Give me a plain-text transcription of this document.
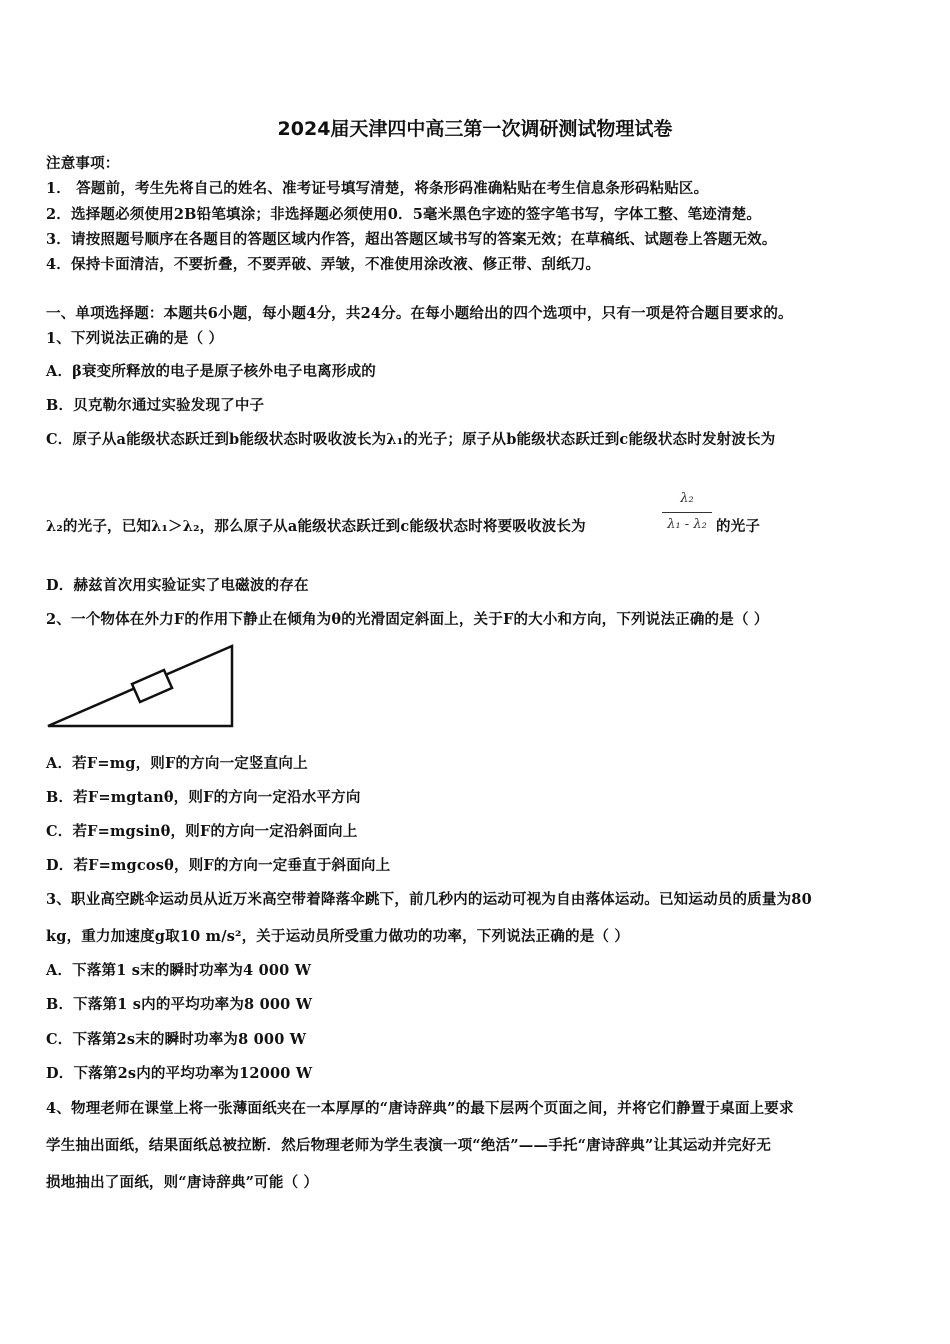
2024届天津四中高三第一次调研测试物理试卷
注意事项：
1． 答题前，考生先将自己的姓名、准考证号填写清楚，将条形码准确粘贴在考生信息条形码粘贴区。
2．选择题必须使用2B铅笔填涂；非选择题必须使用0．5毫米黑色字迹的签字笔书写，字体工整、笔迹清楚。
3．请按照题号顺序在各题目的答题区域内作答，超出答题区域书写的答案无效；在草稿纸、试题卷上答题无效。
4．保持卡面清洁，不要折叠，不要弄破、弄皱，不准使用涂改液、修正带、刮纸刀。
一、单项选择题：本题共6小题，每小题4分，共24分。在每小题给出的四个选项中，只有一项是符合题目要求的。
1、下列说法正确的是（ ）
A．β衰变所释放的电子是原子核外电子电离形成的
B．贝克勒尔通过实验发现了中子
C．原子从a能级状态跃迁到b能级状态时吸收波长为λ₁的光子；原子从b能级状态跃迁到c能级状态时发射波长为
λ₂的光子，已知λ₁＞λ₂，那么原子从a能级状态跃迁到c能级状态时将要吸收波长为
λ₂
λ₁ - λ₂ 的光子
D．赫兹首次用实验证实了电磁波的存在
2、一个物体在外力F的作用下静止在倾角为θ的光滑固定斜面上，关于F的大小和方向，下列说法正确的是（ ）
A．若F=mg，则F的方向一定竖直向上
B．若F=mgtanθ，则F的方向一定沿水平方向
C．若F=mgsinθ，则F的方向一定沿斜面向上
D．若F=mgcosθ，则F的方向一定垂直于斜面向上
3、职业高空跳伞运动员从近万米高空带着降落伞跳下，前几秒内的运动可视为自由落体运动。已知运动员的质量为80
kg，重力加速度g取10 m/s²，关于运动员所受重力做功的功率，下列说法正确的是（ ）
A．下落第1 s末的瞬时功率为4 000 W
B．下落第1 s内的平均功率为8 000 W
C．下落第2s末的瞬时功率为8 000 W
D．下落第2s内的平均功率为12000 W
4、物理老师在课堂上将一张薄面纸夹在一本厚厚的“唐诗辞典”的最下层两个页面之间，并将它们静置于桌面上要求
学生抽出面纸，结果面纸总被拉断．然后物理老师为学生表演一项“绝活”——手托“唐诗辞典”让其运动并完好无
损地抽出了面纸，则“唐诗辞典”可能（ ）
